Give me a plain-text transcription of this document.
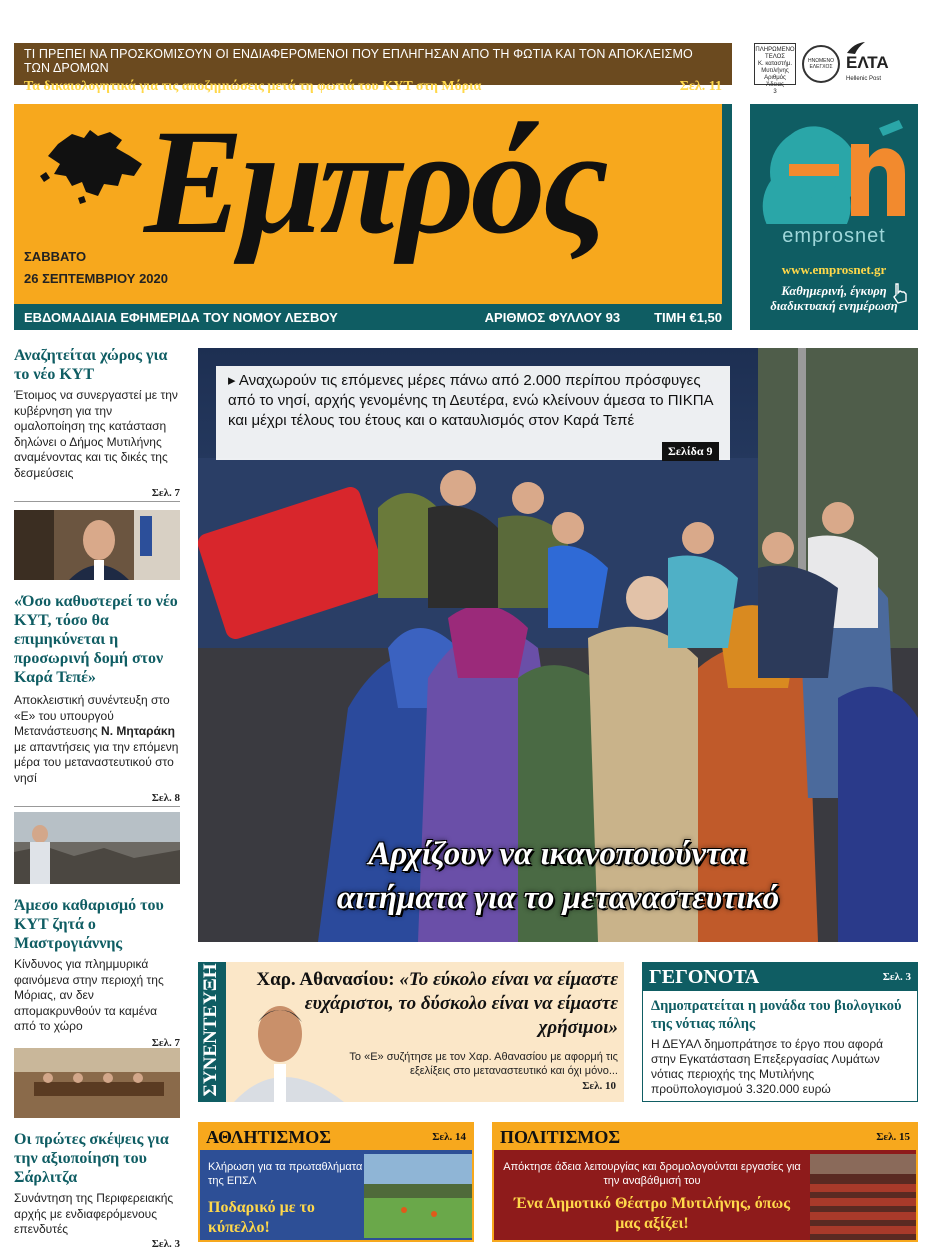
ΤΙ ΠΡΕΠΕΙ ΝΑ ΠΡΟΣΚΟΜΙΣΟΥΝ ΟΙ ΕΝΔΙΑΦΕΡΟΜΕΝΟΙ ΠΟΥ ΕΠΛΗΓΗΣΑΝ ΑΠΟ ΤΗ ΦΩΤΙΑ ΚΑΙ ΤΟΝ ΑΠΟΚΛΕΙΣΜΟ ΤΩΝ ΔΡΟΜΩΝ
Τα δικαιολογητικά για τις αποζημιώσεις μετά τη φωτιά του ΚΥΤ στη Μόρια	Σελ. 11
ΠΛΗΡΩΜΕΝΟ
ΤΕΛΟΣ
Κ. καταστήμ.
Μυτιλήνης
Αριθμός Άδειας
3
ΗΝΩΜΕΝΟ ΕΛΕΓΧΟΣ ΕΛΤΑ
Hellenic Post
Εμπρός
ΣΑΒΒΑΤΟ
26 ΣΕΠΤΕΜΒΡΙΟΥ 2020
ΕΒΔΟΜΑΔΙΑΙΑ ΕΦΗΜΕΡΙΔΑ ΤΟΥ ΝΟΜΟΥ ΛΕΣΒΟΥ	ΑΡΙΘΜΟΣ ΦΥΛΛΟΥ 93	ΤΙΜΗ €1,50
emprosnet
www.emprosnet.gr
Καθημερινή, έγκυρη
διαδικτυακή ενημέρωση
Αναζητείται χώρος για το νέο ΚΥΤ
Έτοιμος να συνεργαστεί με την κυβέρνηση για την ομαλοποίηση της κατάσταση δηλώνει ο Δήμος Μυτιλήνης αναμένοντας και τις δικές της δεσμεύσεις
Σελ. 7
«Όσο καθυστερεί το νέο ΚΥΤ, τόσο θα επιμηκύνεται η προσωρινή δομή στον Καρά Τεπέ»
Αποκλειστική συνέντευξη στο «Ε» του υπουργού Μετανάστευσης Ν. Μηταράκη με απαντήσεις για την επόμενη μέρα του μεταναστευτικού στο νησί
Σελ. 8
Άμεσο καθαρισμό του ΚΥΤ ζητά ο Μαστρογιάννης
Κίνδυνος για πλημμυρικά φαινόμενα στην περιοχή της Μόριας, αν δεν απομακρυνθούν τα καμένα από το χώρο
Σελ. 7
Οι πρώτες σκέψεις για την αξιοποίηση του Σάρλιτζα
Συνάντηση της Περιφερειακής αρχής με ενδιαφερόμενους επενδυτές
Σελ. 3
▸ Αναχωρούν τις επόμενες μέρες πάνω από 2.000 περίπου πρόσφυγες από το νησί, αρχής γενομένης τη Δευτέρα, ενώ κλείνουν άμεσα το ΠΙΚΠΑ και μέχρι τέλους του έτους και ο καταυλισμός στον Καρά Τεπέ
Σελίδα 9
Αρχίζουν να ικανοποιούνται
αιτήματα για το μεταναστευτικό
ΣΥΝΕΝΤΕΥΞΗ	Χαρ. Αθανασίου: «Το εύκολο είναι να είμαστε ευχάριστοι, το δύσκολο είναι να είμαστε χρήσιμοι»
Το «Ε» συζήτησε με τον Χαρ. Αθανασίου με αφορμή τις εξελίξεις στο μεταναστευτικό και όχι μόνο...
Σελ. 10
ΓΕΓΟΝΟΤΑ	Σελ. 3
Δημοπρατείται η μονάδα του βιολογικού της νότιας πόλης
Η ΔΕΥΑΛ δημοπράτησε το έργο που αφορά στην Εγκατάσταση Επεξεργασίας Λυμάτων νότιας περιοχής της Μυτιλήνης προϋπολογισμού 3.320.000 ευρώ
ΑΘΛΗΤΙΣΜΟΣ	Σελ. 14
Κλήρωση για τα πρωταθλήματα της ΕΠΣΛ
Ποδαρικό με το κύπελλο!
ΠΟΛΙΤΙΣΜΟΣ	Σελ. 15
Απόκτησε άδεια λειτουργίας και δρομολογούνται εργασίες για την αναβάθμισή του
Ένα Δημοτικό Θέατρο Μυτιλήνης, όπως μας αξίζει!
